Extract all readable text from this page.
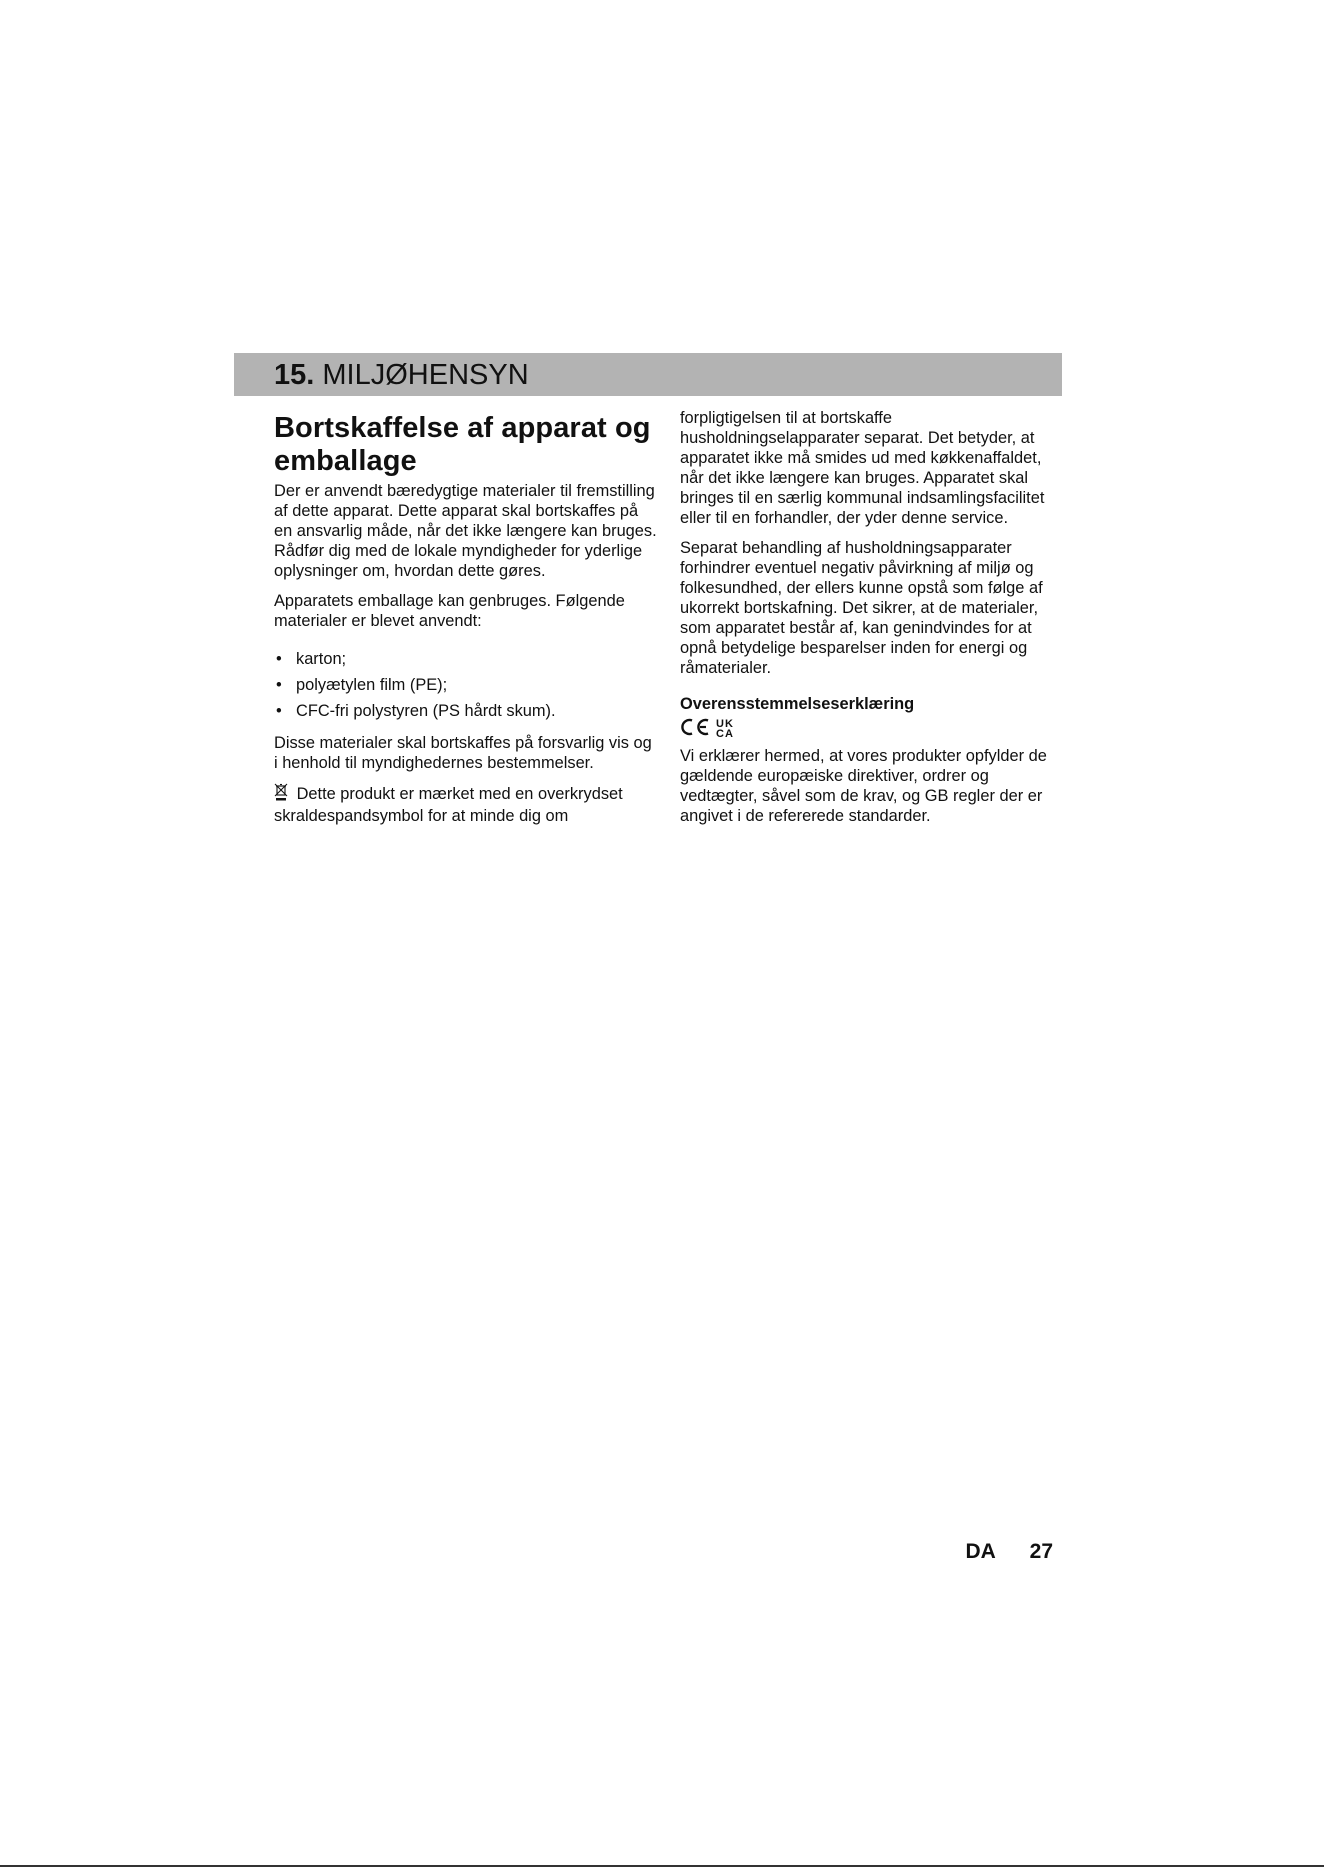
15. MILJØHENSYN
Bortskaffelse af apparat og emballage

Der er anvendt bæredygtige materialer til fremstilling af dette apparat. Dette apparat skal bortskaffes på en ansvarlig måde, når det ikke længere kan bruges. Rådfør dig med de lokale myndigheder for yderlige oplysninger om, hvordan dette gøres.

Apparatets emballage kan genbruges. Følgende materialer er blevet anvendt:

• karton;
• polyætylen film (PE);
• CFC-fri polystyren (PS hårdt skum).

Disse materialer skal bortskaffes på forsvarlig vis og i henhold til myndighedernes bestemmelser.

Dette produkt er mærket med en overkrydset skraldespandsymbol for at minde dig om

forpligtigelsen til at bortskaffe husholdningselapparater separat. Det betyder, at apparatet ikke må smides ud med køkkenaffaldet, når det ikke længere kan bruges. Apparatet skal bringes til en særlig kommunal indsamlingsfacilitet eller til en forhandler, der yder denne service.

Separat behandling af husholdningsapparater forhindrer eventuel negativ påvirkning af miljø og folkesundhed, der ellers kunne opstå som følge af ukorrekt bortskafning. Det sikrer, at de materialer, som apparatet består af, kan genindvindes for at opnå betydelige besparelser inden for energi og råmaterialer.

Overensstemmelseserklæring
UK
CA

Vi erklærer hermed, at vores produkter opfylder de gældende europæiske direktiver, ordrer og vedtægter, såvel som de krav, og GB regler der er angivet i de refererede standarder.

DA 27
